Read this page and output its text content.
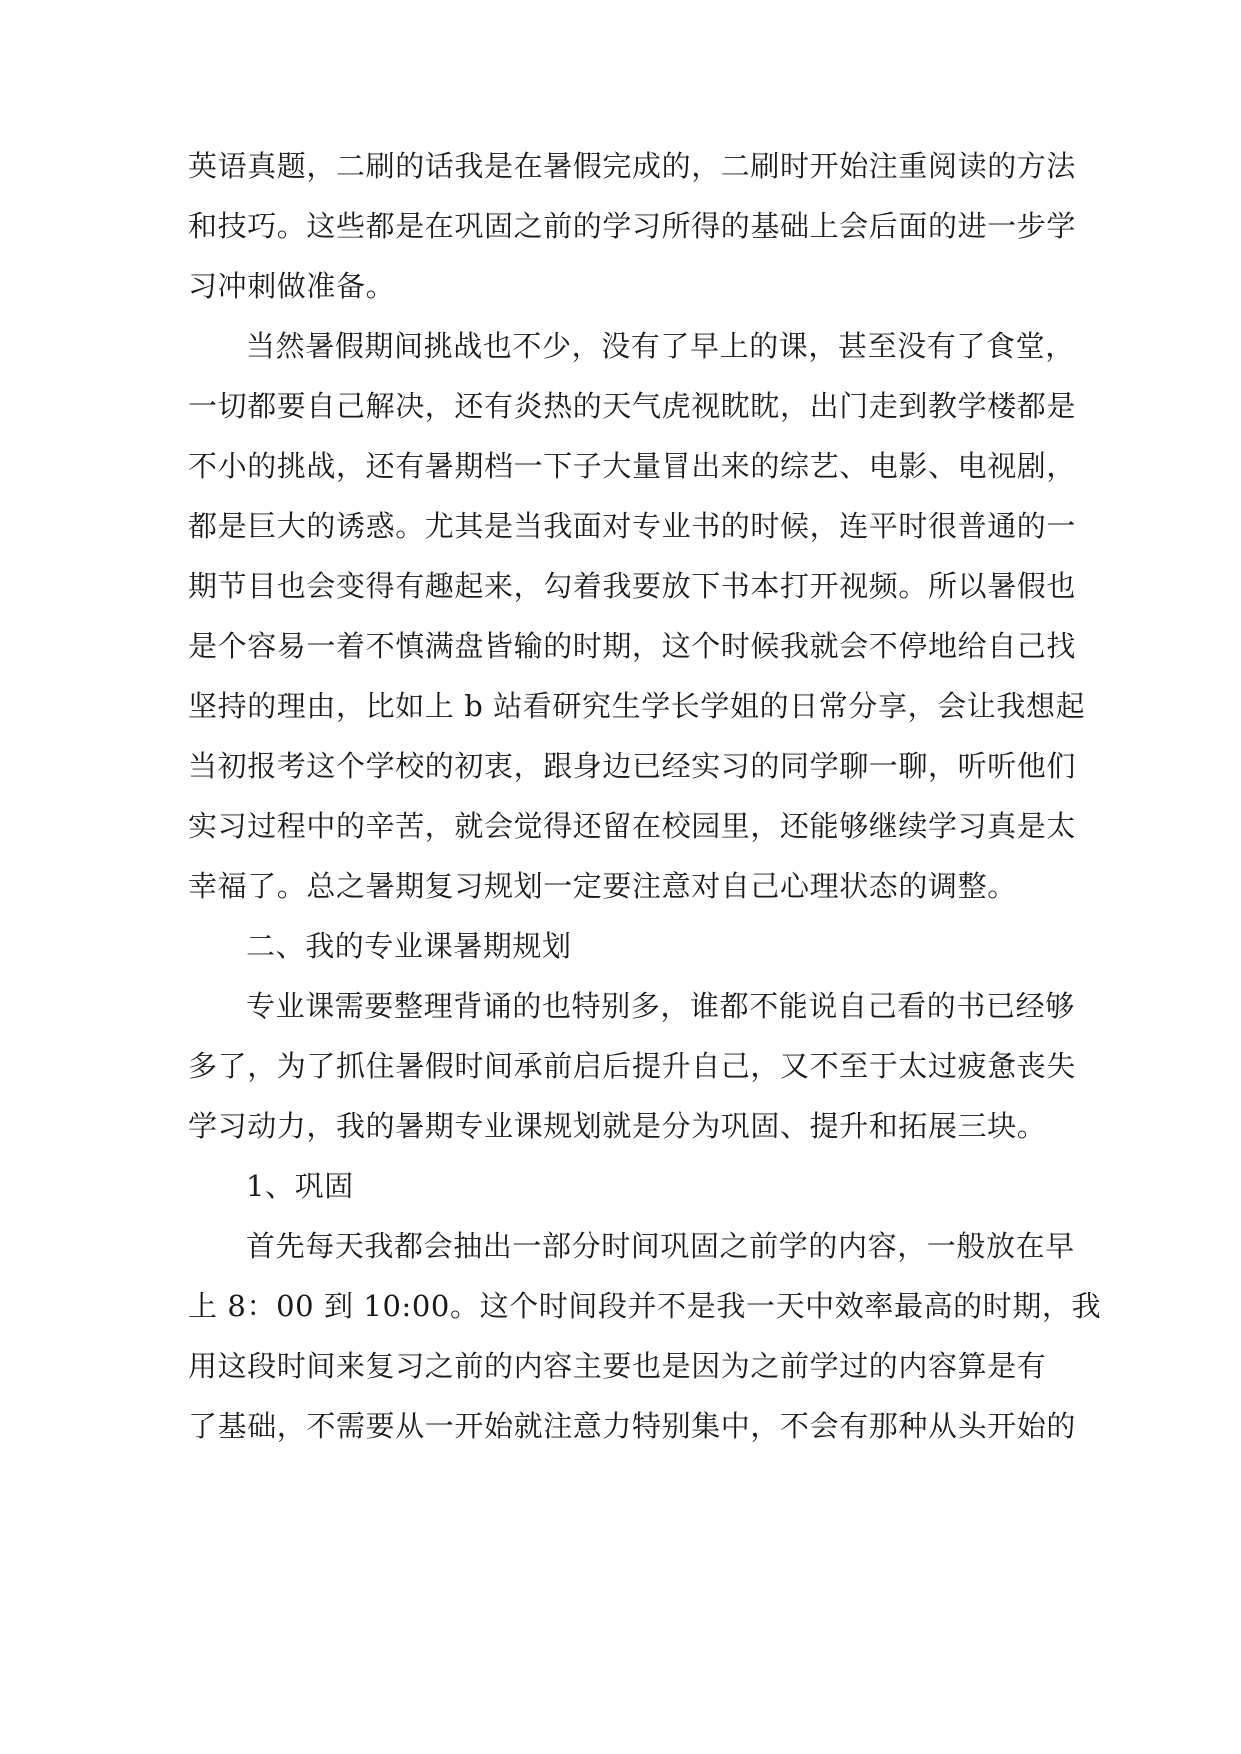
英语真题，二刷的话我是在暑假完成的，二刷时开始注重阅读的方法
和技巧。这些都是在巩固之前的学习所得的基础上会后面的进一步学
习冲刺做准备。
当然暑假期间挑战也不少，没有了早上的课，甚至没有了食堂，
一切都要自己解决，还有炎热的天气虎视眈眈，出门走到教学楼都是
不小的挑战，还有暑期档一下子大量冒出来的综艺、电影、电视剧，
都是巨大的诱惑。尤其是当我面对专业书的时候，连平时很普通的一
期节目也会变得有趣起来，勾着我要放下书本打开视频。所以暑假也
是个容易一着不慎满盘皆输的时期，这个时候我就会不停地给自己找
坚持的理由，比如上 b 站看研究生学长学姐的日常分享，会让我想起
当初报考这个学校的初衷，跟身边已经实习的同学聊一聊，听听他们
实习过程中的辛苦，就会觉得还留在校园里，还能够继续学习真是太
幸福了。总之暑期复习规划一定要注意对自己心理状态的调整。
二、我的专业课暑期规划
专业课需要整理背诵的也特别多，谁都不能说自己看的书已经够
多了，为了抓住暑假时间承前启后提升自己，又不至于太过疲惫丧失
学习动力，我的暑期专业课规划就是分为巩固、提升和拓展三块。
1、巩固
首先每天我都会抽出一部分时间巩固之前学的内容，一般放在早
上 8：00 到 10:00。这个时间段并不是我一天中效率最高的时期，我
用这段时间来复习之前的内容主要也是因为之前学过的内容算是有
了基础，不需要从一开始就注意力特别集中，不会有那种从头开始的
